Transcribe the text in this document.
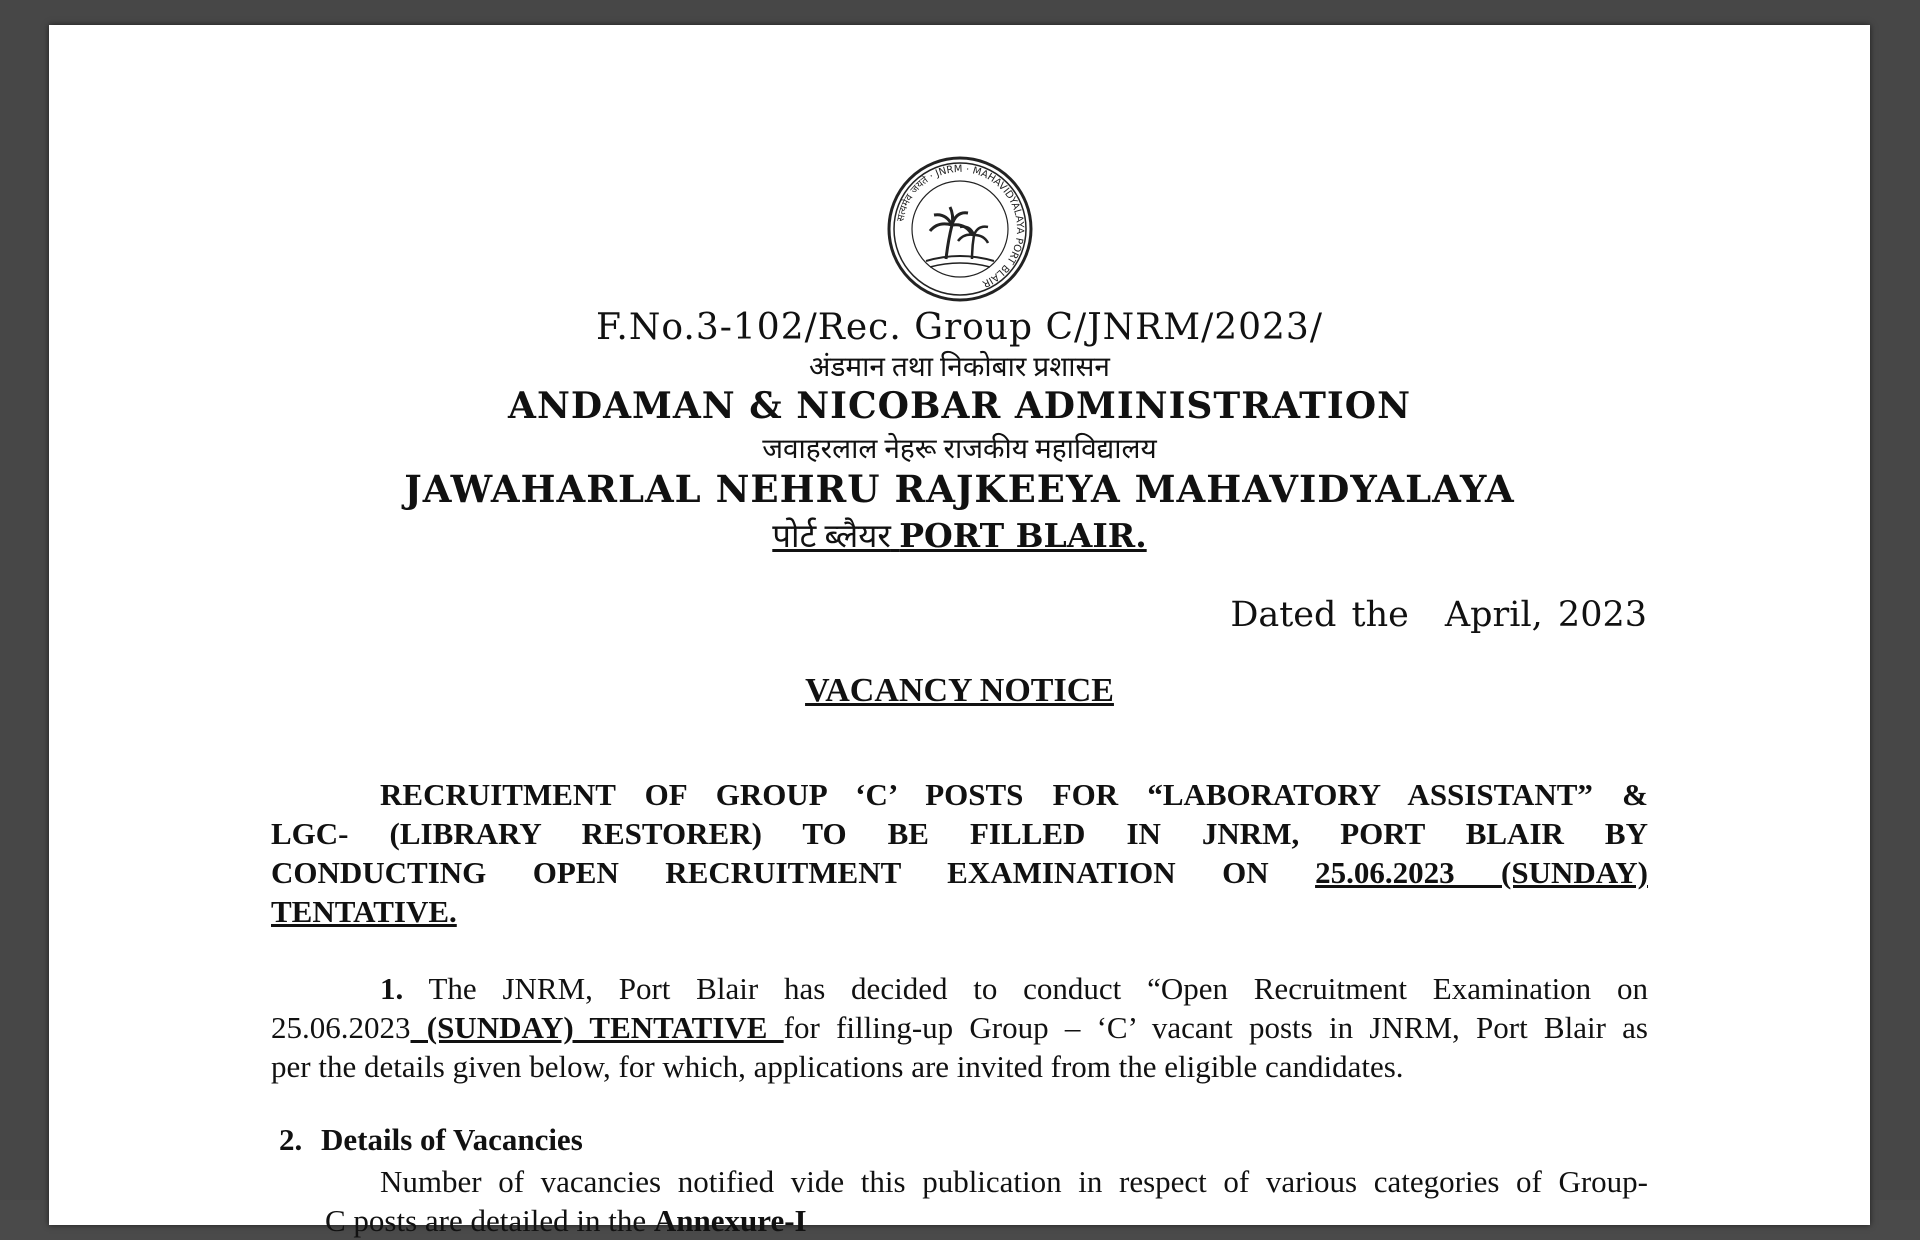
सत्यमेव जयते · JNRM · MAHAVIDYALAYA PORT BLAIR
F.No.3-102/Rec. Group C/JNRM/2023/
अंडमान तथा निकोबार प्रशासन
ANDAMAN & NICOBAR ADMINISTRATION
जवाहरलाल नेहरू राजकीय महाविद्यालय
JAWAHARLAL NEHRU RAJKEEYA MAHAVIDYALAYA
पोर्ट ब्लैयर PORT BLAIR.
Dated the April, 2023
VACANCY NOTICE
RECRUITMENT OF GROUP ‘C’ POSTS FOR “LABORATORY ASSISTANT” &
LGC- (LIBRARY RESTORER) TO BE FILLED IN JNRM, PORT BLAIR BY
CONDUCTING OPEN RECRUITMENT EXAMINATION ON 25.06.2023 (SUNDAY)
TENTATIVE.
1. The JNRM, Port Blair has decided to conduct “Open Recruitment Examination on
25.06.2023 (SUNDAY) TENTATIVE for filling-up Group – ‘C’ vacant posts in JNRM, Port Blair as
per the details given below, for which, applications are invited from the eligible candidates.
2. Details of Vacancies
Number of vacancies notified vide this publication in respect of various categories of Group-
C posts are detailed in the Annexure-I
